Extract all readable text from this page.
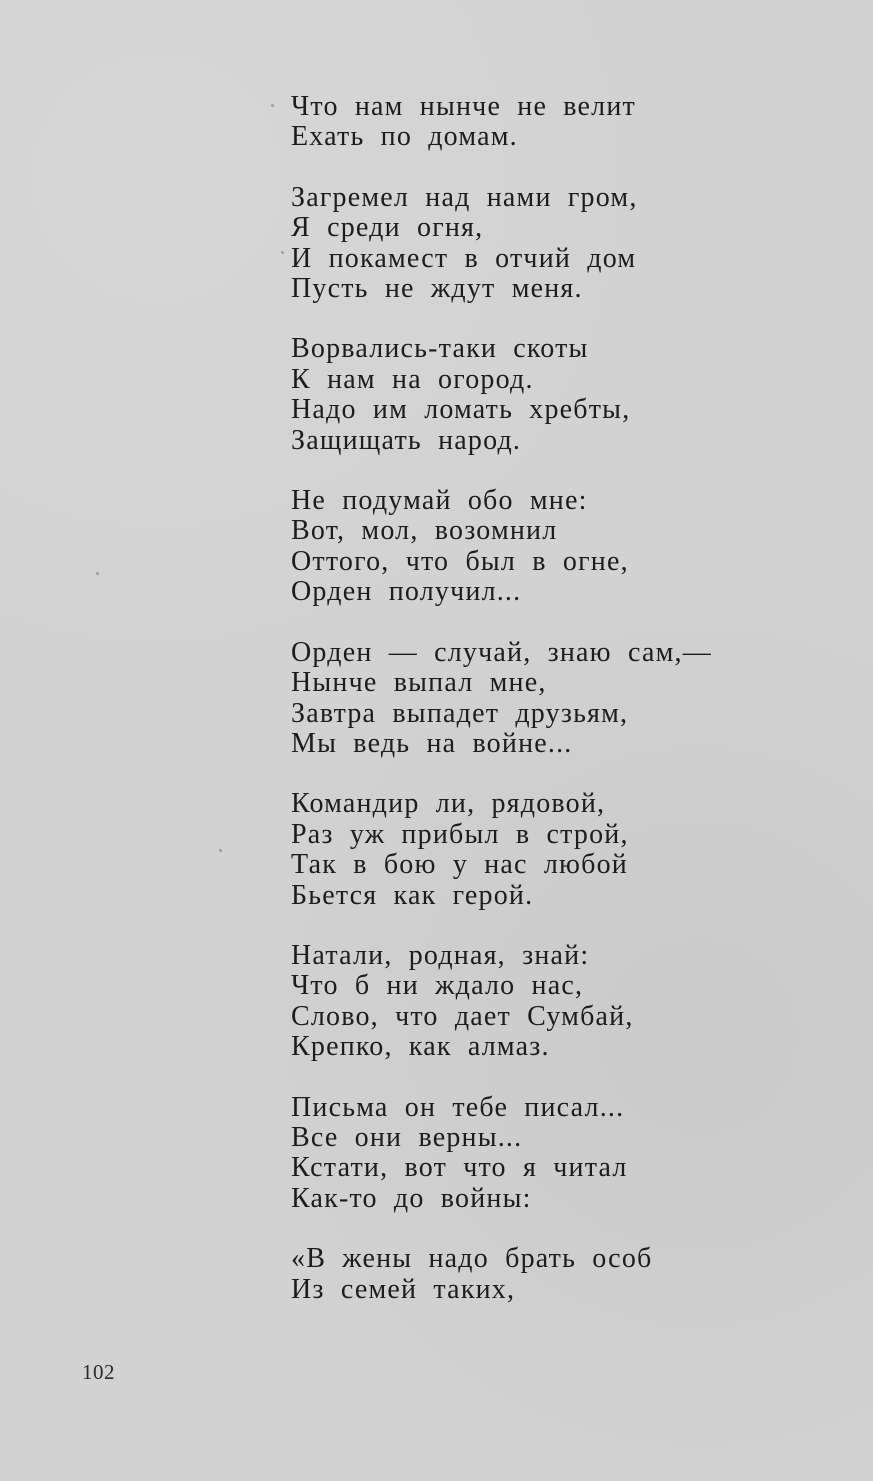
Что нам нынче не велит
Ехать по домам.
Загремел над нами гром,
Я среди огня,
И покамест в отчий дом
Пусть не ждут меня.
Ворвались-таки скоты
К нам на огород.
Надо им ломать хребты,
Защищать народ.
Не подумай обо мне:
Вот, мол, возомнил
Оттого, что был в огне,
Орден получил...
Орден — случай, знаю сам,—
Нынче выпал мне,
Завтра выпадет друзьям,
Мы ведь на войне...
Командир ли, рядовой,
Раз уж прибыл в строй,
Так в бою у нас любой
Бьется как герой.
Натали, родная, знай:
Что б ни ждало нас,
Слово, что дает Сумбай,
Крепко, как алмаз.
Письма он тебе писал...
Все они верны...
Кстати, вот что я читал
Как-то до войны:
«В жены надо брать особ
Из семей таких,
102
